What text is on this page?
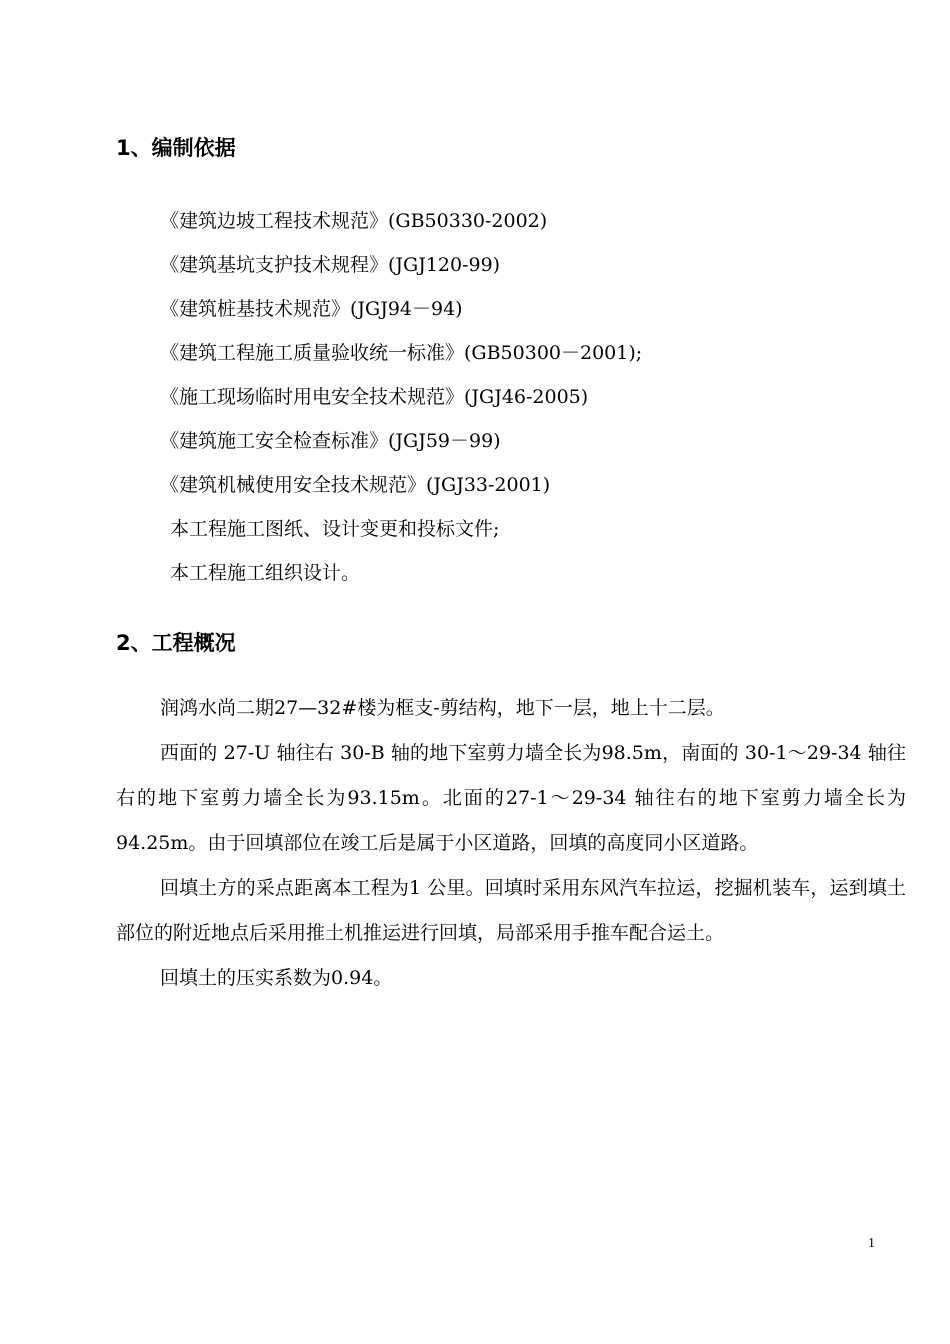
1、编制依据
《建筑边坡工程技术规范》(GB50330-2002)
《建筑基坑支护技术规程》(JGJ120-99)
《建筑桩基技术规范》(JGJ94－94)
《建筑工程施工质量验收统一标准》(GB50300－2001);
《施工现场临时用电安全技术规范》(JGJ46-2005)
《建筑施工安全检查标准》(JGJ59－99)
《建筑机械使用安全技术规范》(JGJ33-2001)
本工程施工图纸、设计变更和投标文件;
本工程施工组织设计。
2、工程概况

润鸿水尚二期27—32#楼为框支-剪结构，地下一层，地上十二层。

西面的 27-U 轴往右 30-B 轴的地下室剪力墙全长为98.5m，南面的 30-1～29-34 轴往右的地下室剪力墙全长为93.15m。北面的27-1～29-34 轴往右的地下室剪力墙全长为94.25m。由于回填部位在竣工后是属于小区道路，回填的高度同小区道路。

回填土方的采点距离本工程为1 公里。回填时采用东风汽车拉运，挖掘机装车，运到填土部位的附近地点后采用推土机推运进行回填，局部采用手推车配合运土。

回填土的压实系数为0.94。

1
